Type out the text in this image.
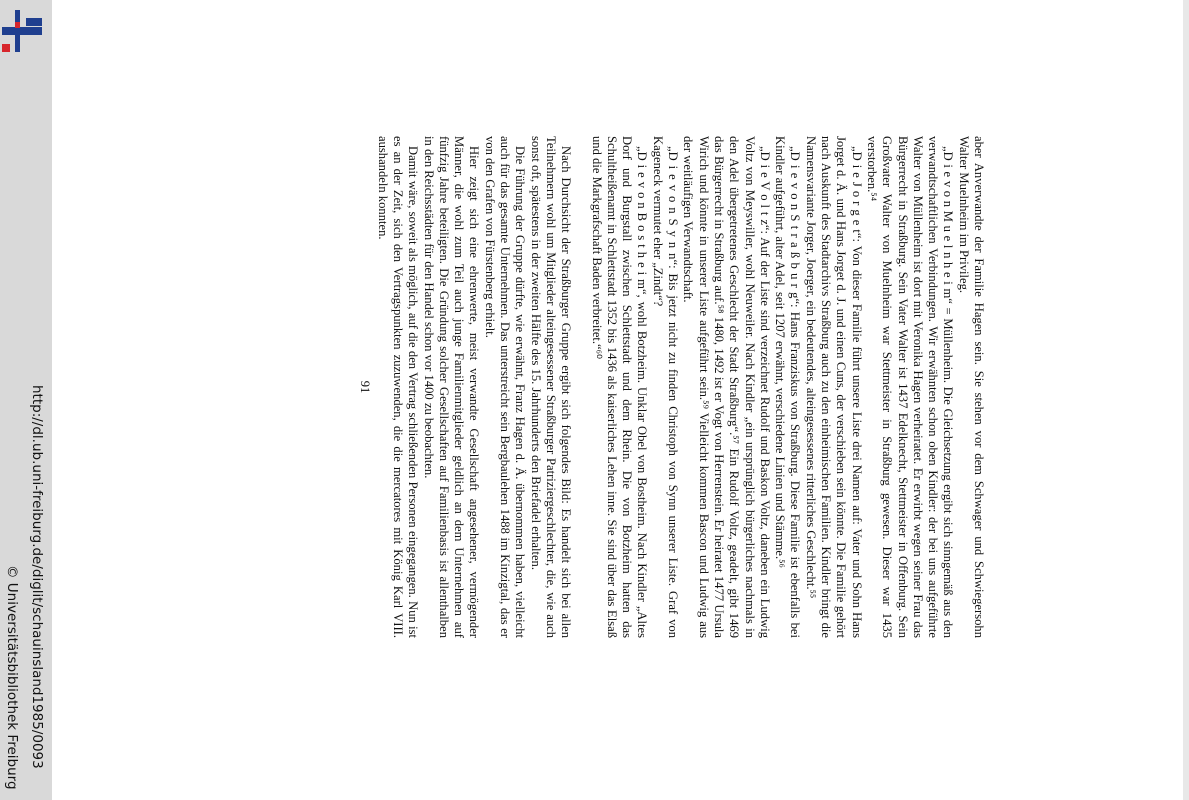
http://dl.ub.uni-freiburg.de/diglit/schauinsland1985/0093
© Universitätsbibliothek Freiburg

aber Anverwandte der Familie Hagen sein. Sie stehen vor dem Schwager und Schwiegersohn Walter Muelnheim im Privileg.

„D i e v o n M u e l n h e i m“ = Müllenheim. Die Gleichsetzung ergibt sich sinngemäß aus den verwandtschaftlichen Verbindungen. Wir erwähnten schon oben Kindler: der bei uns aufgeführte Walter von Müllenheim ist dort mit Veronika Hagen verheiratet. Er erwirbt wegen seiner Frau das Bürgerrecht in Straßburg. Sein Vater Walter ist 1437 Edelknecht, Stettmeister in Offenburg. Sein Großvater Walter von Muelnheim war Stettmeister in Straßburg gewesen. Dieser war 1435 verstorben.⁵⁴

„D i e J o r g e t“: Von dieser Familie führt unsere Liste drei Namen auf: Vater und Sohn Hans Jorget d. Ä. und Hans Jorget d. J. und einen Cuns, der verschieben sein könnte. Die Familie gehört nach Auskunft des Stadtarchivs Straßburg auch zu den einheimischen Familien. Kindler bringt die Namensvariante Jorger, Joerger, ein bedeutendes, alteingesessenes ritterliches Geschlecht.⁵⁵

„D i e v o n S t r a ß b u r g“: Hans Franziskus von Straßburg. Diese Familie ist ebenfalls bei Kindler aufgeführt, alter Adel, seit 1207 erwähnt, verschiedene Linien und Stämme.⁵⁶

„D i e V o l t z“: Auf der Liste sind verzeichnet Rudolf und Baskon Voltz, daneben ein Ludwig Voltz von Meyswiller, wohl Neuweiler. Nach Kindler „ein ursprünglich bürgerliches nachmals in den Adel übergetretenes Geschlecht der Stadt Straßburg“.⁵⁷ Ein Rudolf Voltz, geadelt, gibt 1469 das Bürgerrecht in Straßburg auf.⁵⁸ 1480, 1492 ist er Vogt von Herrenstein. Er heiratet 1477 Ursula Wirich und könnte in unserer Liste aufgeführt sein.⁵⁹ Vielleicht kommen Bascon und Ludwig aus der weitläufigen Verwandtschaft.

„D i e v o n S y n n“: Bis jetzt nicht zu finden Christoph von Synn unserer Liste. Graf von Kageneck vermutet eher „Zindt“?

„D i e v o n B o s t h e i m“, wohl Botzheim. Unklar Obel von Bostheim. Nach Kindler „Altes Dorf und Burgstall zwischen Schlettstadt und dem Rhein. Die von Botzheim hatten das Schultheißenamt in Schlettstadt 1352 bis 1436 als kaiserliches Lehen inne. Sie sind über das Elsaß und die Markgrafschaft Baden verbreitet.“⁶⁰

Nach Durchsicht der Straßburger Gruppe ergibt sich folgendes Bild: Es handelt sich bei allen Teilnehmern wohl um Mitglieder alteingesessener Straßburger Patriziergeschlechter, die, wie auch sonst oft, spätestens in der zweiten Hälfte des 15. Jahrhunderts den Briefadel erhalten.

Die Führung der Gruppe dürfte, wie erwähnt, Franz Hagen d. Ä. übernommen haben, vielleicht auch für das gesamte Unternehmen. Das unterstreicht sein Bergbaulehen 1488 im Kinzigtal, das er von den Grafen von Fürstenberg erhielt.

Hier zeigt sich eine ehrenwerte, meist verwandte Gesellschaft angesehener, vermögender Männer, die wohl zum Teil auch junge Familienmitglieder geldlich an dem Unternehmen auf fünfzig Jahre beteiligten. Die Gründung solcher Gesellschaften auf Familienbasis ist allenthalben in den Reichsstädten für den Handel schon vor 1400 zu beobachten.

Damit wäre, soweit als möglich, auf die den Vertrag schließenden Personen eingegangen. Nun ist es an der Zeit, sich den Vertragspunkten zuzuwenden, die die mercatores mit König Karl VIII. aushandeln konnten.

91
